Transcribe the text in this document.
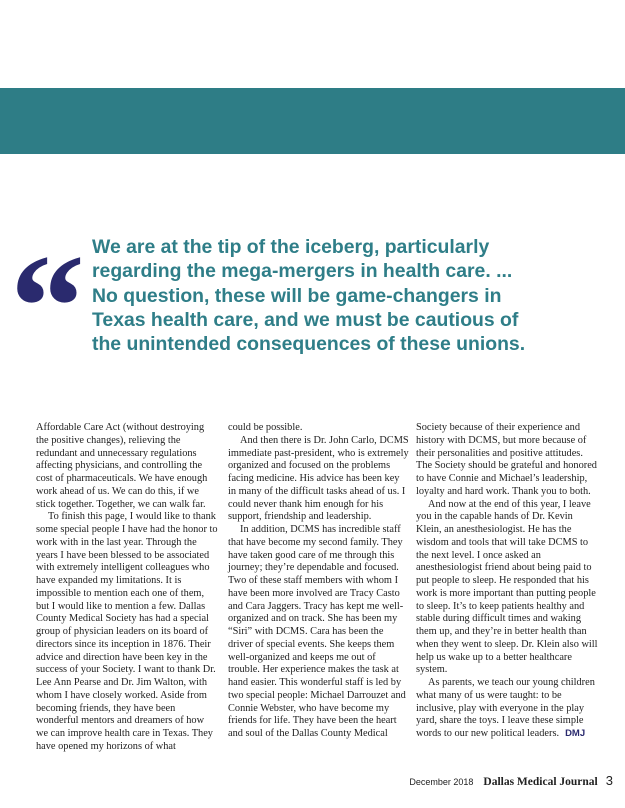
“ We are at the tip of the iceberg, particularly
regarding the mega-mergers in health care. ...
No question, these will be game-changers in
Texas health care, and we must be cautious of
the unintended consequences of these unions.

Affordable Care Act (without destroying the positive changes), relieving the redundant and unnecessary regulations affecting physicians, and controlling the cost of pharmaceuticals. We have enough work ahead of us. We can do this, if we stick together. Together, we can walk far.

To finish this page, I would like to thank some special people I have had the honor to work with in the last year. Through the years I have been blessed to be associated with extremely intelligent colleagues who have expanded my limitations. It is impossible to mention each one of them, but I would like to mention a few. Dallas County Medical Society has had a special group of physician leaders on its board of directors since its inception in 1876. Their advice and direction have been key in the success of your Society. I want to thank Dr. Lee Ann Pearse and Dr. Jim Walton, with whom I have closely worked. Aside from becoming friends, they have been wonderful mentors and dreamers of how we can improve health care in Texas. They have opened my horizons of what

could be possible.

And then there is Dr. John Carlo, DCMS immediate past-president, who is extremely organized and focused on the problems facing medicine. His advice has been key in many of the difficult tasks ahead of us. I could never thank him enough for his support, friendship and leadership.

In addition, DCMS has incredible staff that have become my second family. They have taken good care of me through this journey; they’re dependable and focused. Two of these staff members with whom I have been more involved are Tracy Casto and Cara Jaggers. Tracy has kept me well-organized and on track. She has been my “Siri” with DCMS. Cara has been the driver of special events. She keeps them well-organized and keeps me out of trouble. Her experience makes the task at hand easier. This wonderful staff is led by two special people: Michael Darrouzet and Connie Webster, who have become my friends for life. They have been the heart and soul of the Dallas County Medical

Society because of their experience and history with DCMS, but more because of their personalities and positive attitudes. The Society should be grateful and honored to have Connie and Michael’s leadership, loyalty and hard work. Thank you to both.

And now at the end of this year, I leave you in the capable hands of Dr. Kevin Klein, an anesthesiologist. He has the wisdom and tools that will take DCMS to the next level. I once asked an anesthesiologist friend about being paid to put people to sleep. He responded that his work is more important than putting people to sleep. It’s to keep patients healthy and stable during difficult times and waking them up, and they’re in better health than when they went to sleep. Dr. Klein also will help us wake up to a better healthcare system.

As parents, we teach our young children what many of us were taught: to be inclusive, play with everyone in the play yard, share the toys. I leave these simple words to our new political leaders. DMJ

December 2018 Dallas Medical Journal 3
